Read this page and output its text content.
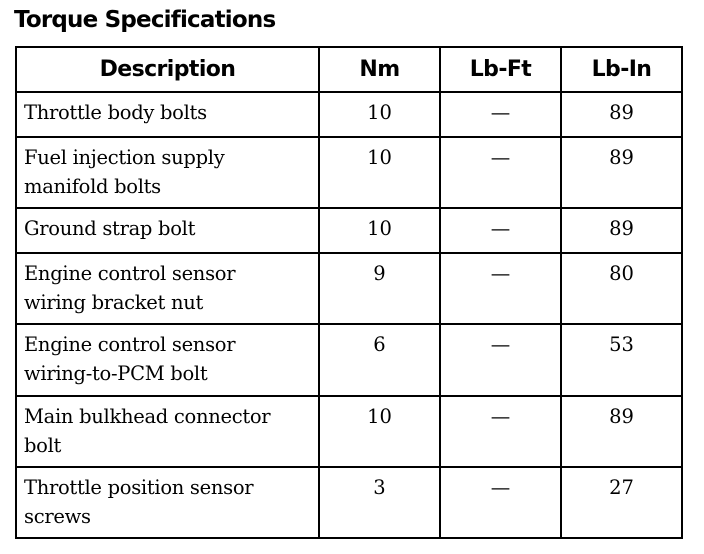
Torque Specifications
Description	Nm	Lb-Ft	Lb-In
Throttle body bolts	10	—	89
Fuel injection supply
manifold bolts	10	—	89
Ground strap bolt	10	—	89
Engine control sensor
wiring bracket nut	9	—	80
Engine control sensor
wiring-to-PCM bolt	6	—	53
Main bulkhead connector
bolt	10	—	89
Throttle position sensor
screws	3	—	27
